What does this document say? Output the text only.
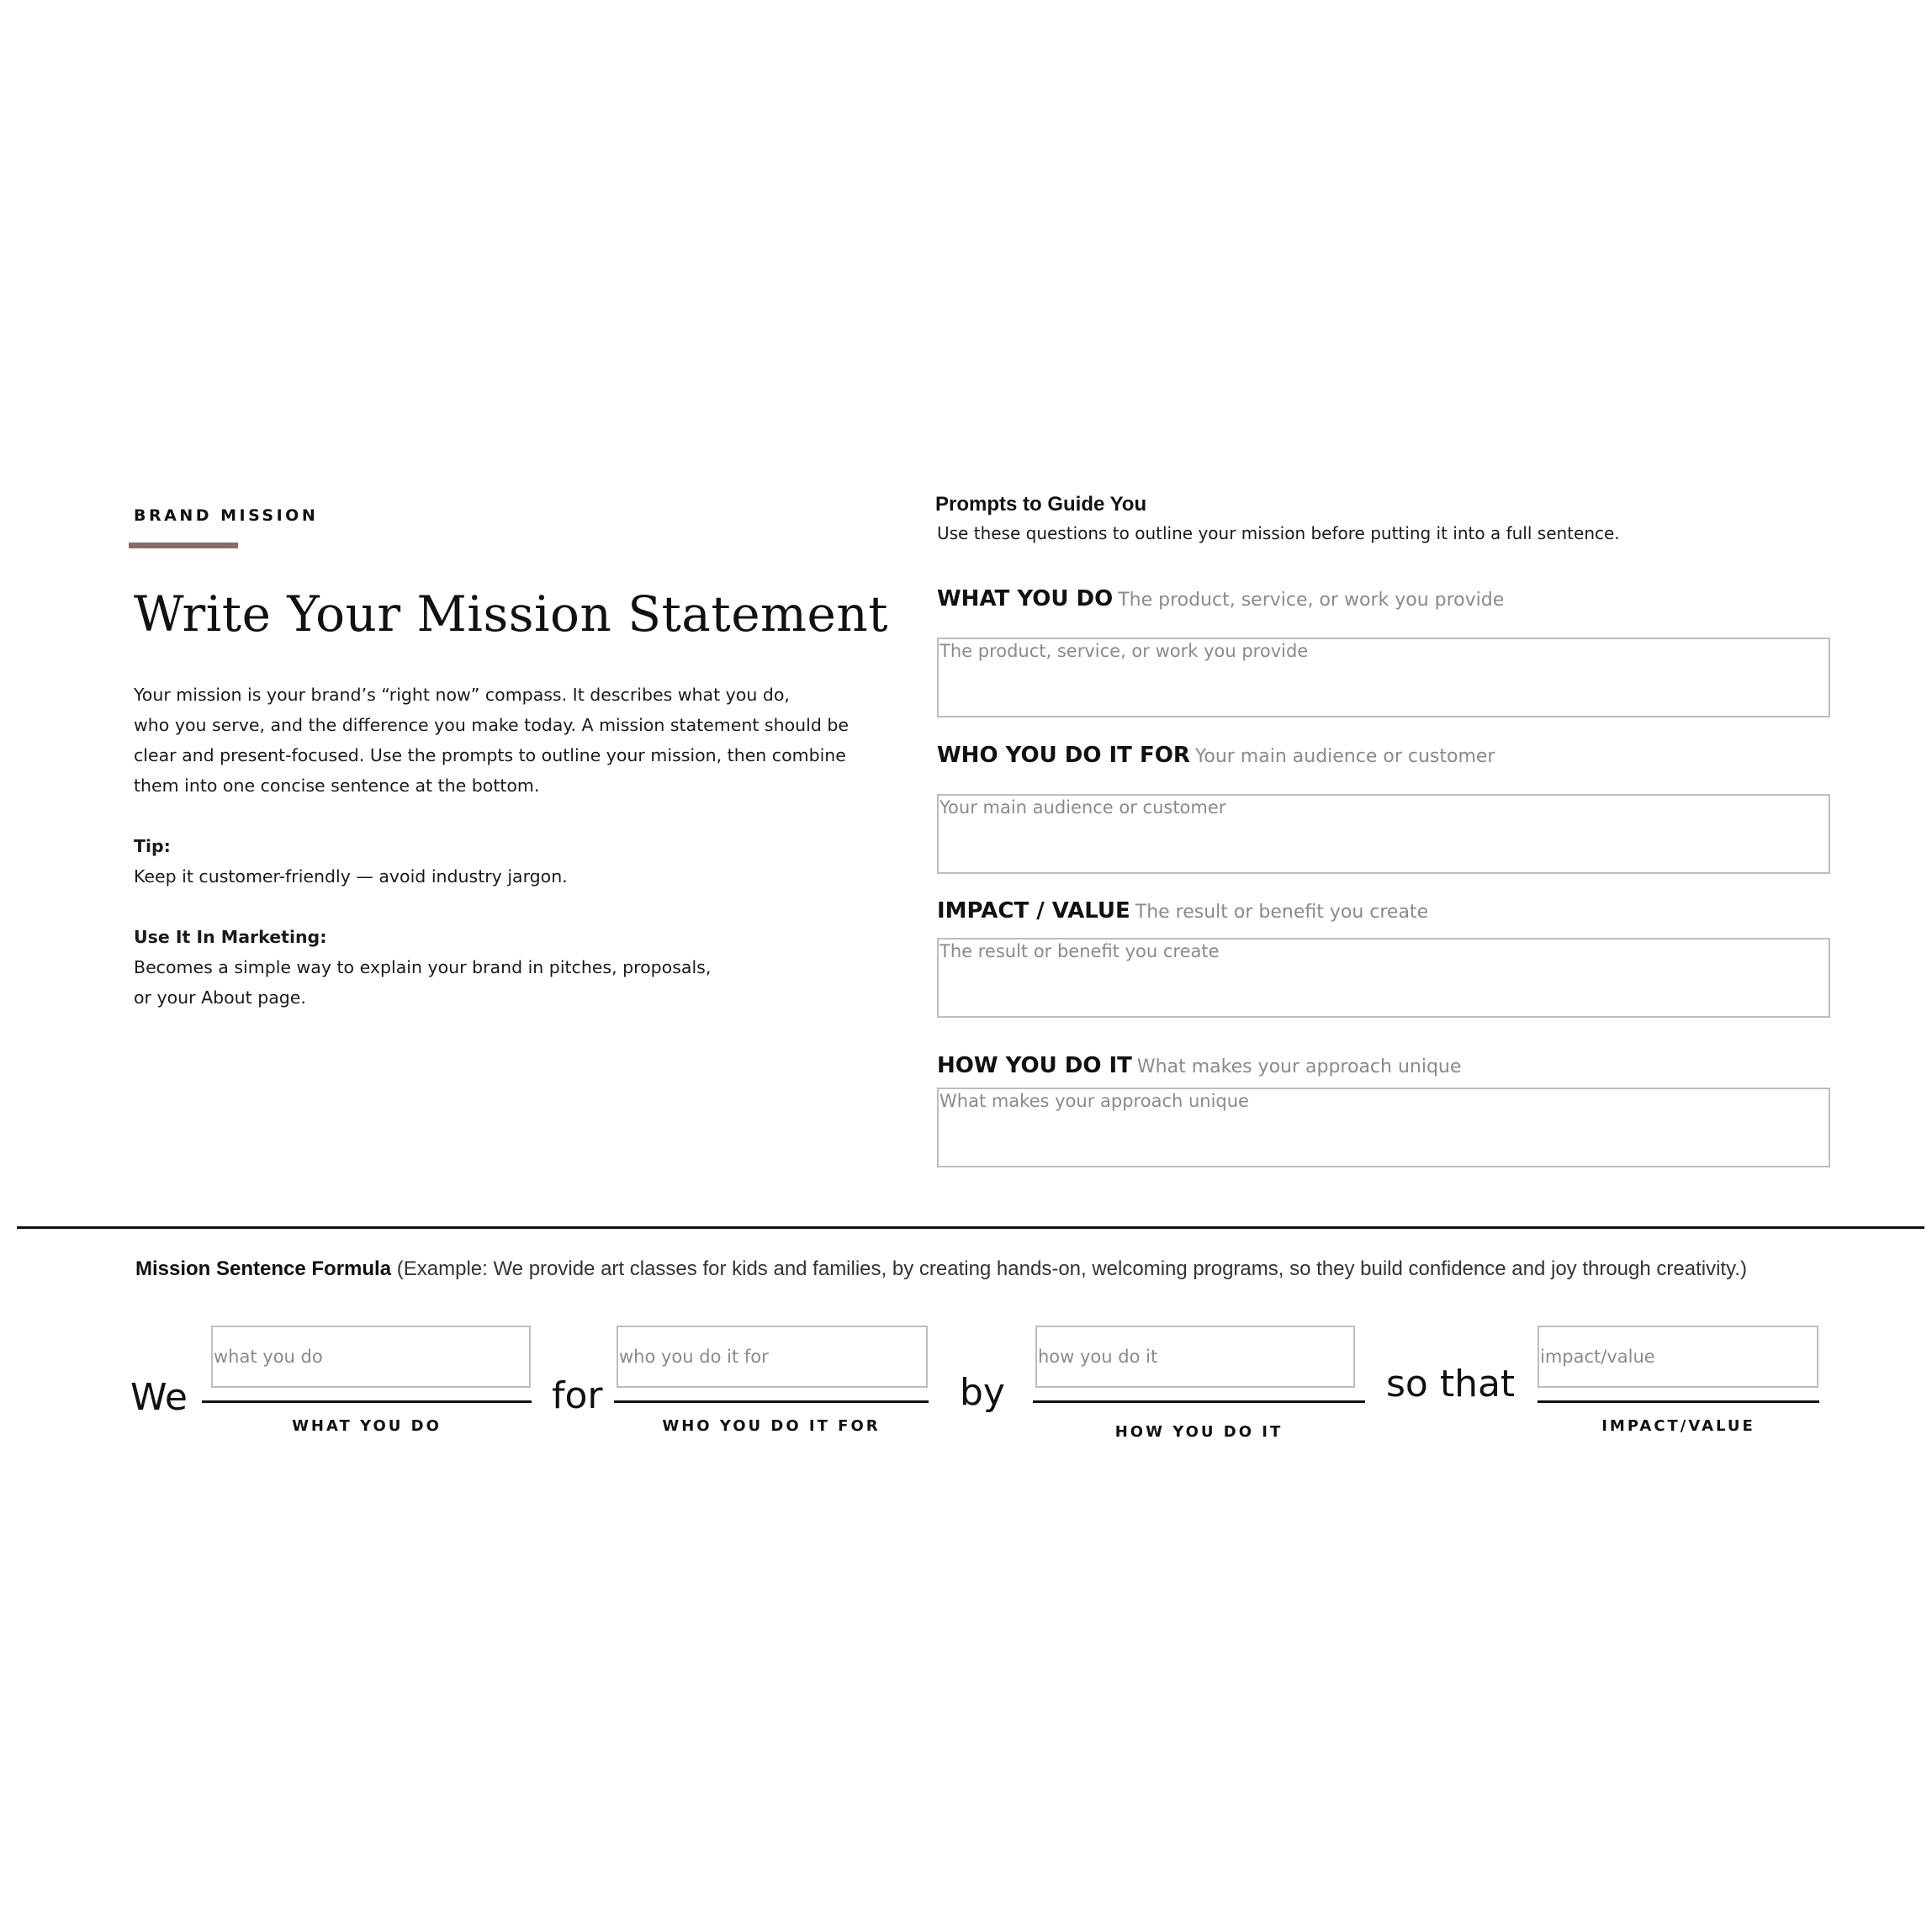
BRAND MISSION
Write Your Mission Statement

Your mission is your brand’s “right now” compass. It describes what you do,

who you serve, and the difference you make today. A mission statement should be

clear and present-focused. Use the prompts to outline your mission, then combine

them into one concise sentence at the bottom.

Tip:

Keep it customer-friendly — avoid industry jargon.

Use It In Marketing:

Becomes a simple way to explain your brand in pitches, proposals,

or your About page.

Prompts to Guide You
Use these questions to outline your mission before putting it into a full sentence.
WHAT YOU DO The product, service, or work you provide
The product, service, or work you provide
WHO YOU DO IT FOR Your main audience or customer
Your main audience or customer
IMPACT / VALUE The result or benefit you create
The result or benefit you create
HOW YOU DO IT What makes your approach unique
What makes your approach unique
Mission Sentence Formula (Example: We provide art classes for kids and families, by creating hands-on, welcoming programs, so they build confidence and joy through creativity.)
We
what you do
WHAT YOU DO
for
who you do it for
WHO YOU DO IT FOR
by
how you do it
HOW YOU DO IT
so that
impact/value
IMPACT/VALUE
